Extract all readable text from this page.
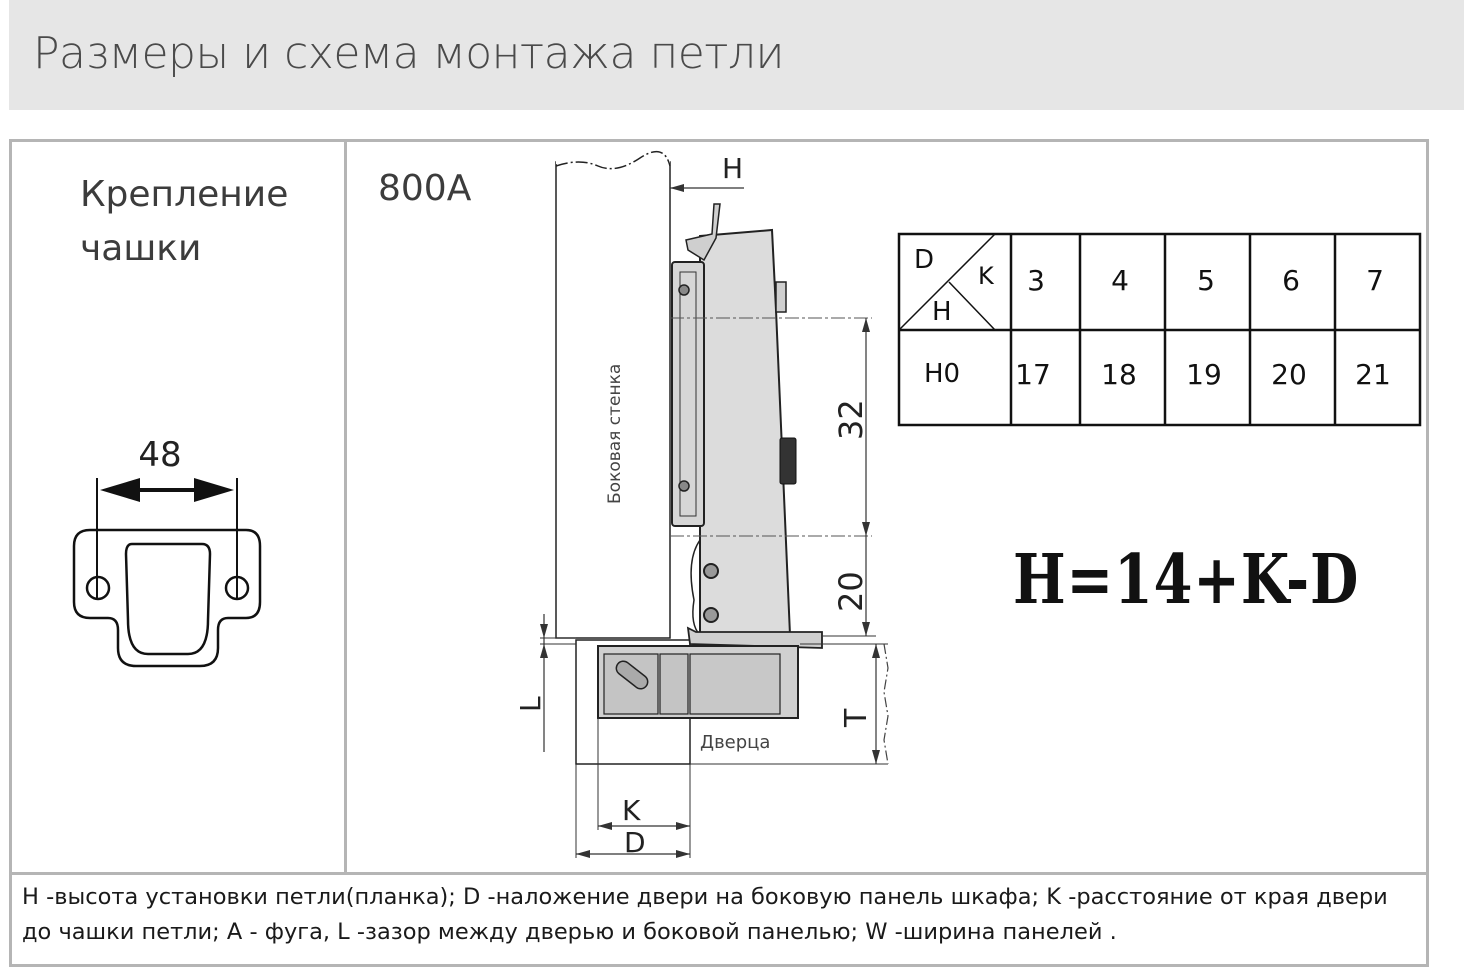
Размеры и схема монтажа петли
Крепление
чашки
48
800A
Боковая стенка
Дверца
32
20
T
H
L
K
D
D
K
H
H0
3 4 5 6 7
17 18 19 20 21
H=14+K-D
H -высота установки петли(планка); D -наложение двери на боковую панель шкафа; K -расстояние от края двери до чашки петли; A - фуга, L -зазор между дверью и боковой панелью; W -ширина панелей .
